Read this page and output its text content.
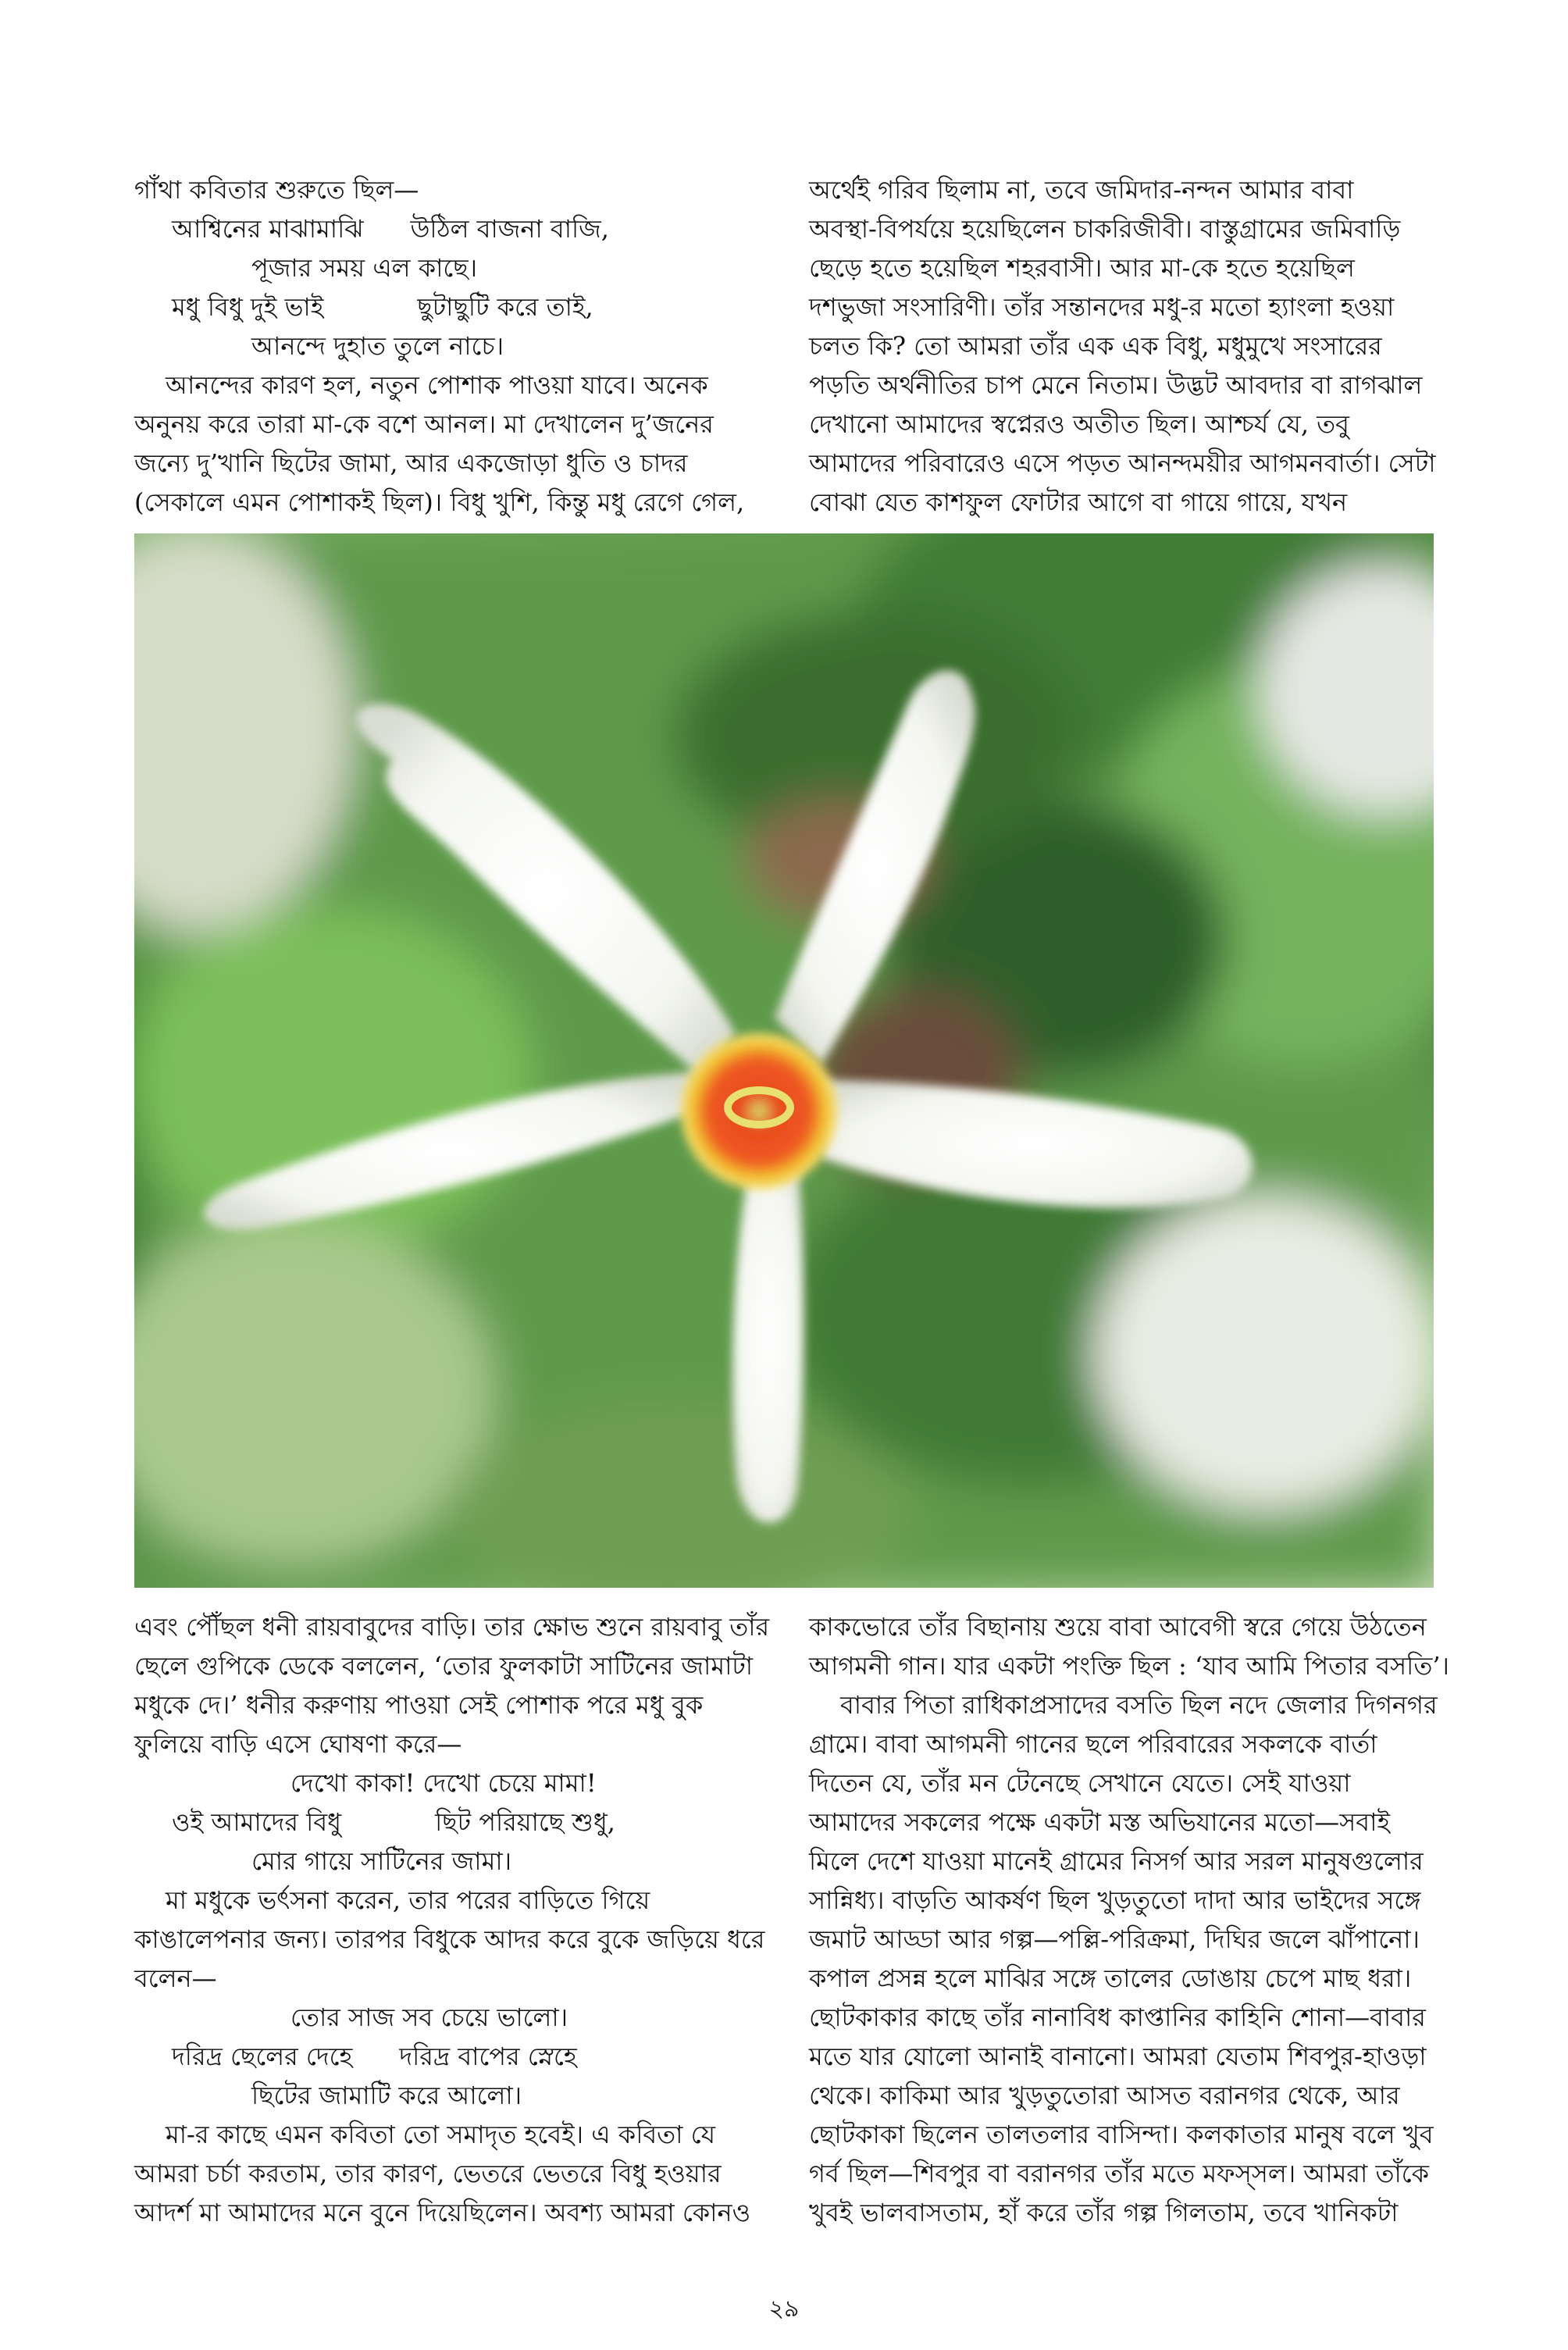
গাঁথা কবিতার শুরুতে ছিল—
আশ্বিনের মাঝামাঝি উঠিল বাজনা বাজি,
পূজার সময় এল কাছে।
মধু বিধু দুই ভাই	ছুটাছুটি করে তাই,
আনন্দে দুহাত তুলে নাচে।
আনন্দের কারণ হল, নতুন পোশাক পাওয়া যাবে। অনেক
অনুনয় করে তারা মা-কে বশে আনল। মা দেখালেন দু’জনের
জন্যে দু’খানি ছিটের জামা, আর একজোড়া ধুতি ও চাদর
(সেকালে এমন পোশাকই ছিল)। বিধু খুশি, কিন্তু মধু রেগে গেল,
অর্থেই গরিব ছিলাম না, তবে জমিদার-নন্দন আমার বাবা
অবস্থা-বিপর্যয়ে হয়েছিলেন চাকরিজীবী। বাস্তুগ্রামের জমিবাড়ি
ছেড়ে হতে হয়েছিল শহরবাসী। আর মা-কে হতে হয়েছিল
দশভুজা সংসারিণী। তাঁর সন্তানদের মধু-র মতো হ্যাংলা হওয়া
চলত কি? তো আমরা তাঁর এক এক বিধু, মধুমুখে সংসারের
পড়তি অর্থনীতির চাপ মেনে নিতাম। উদ্ভট আবদার বা রাগঝাল
দেখানো আমাদের স্বপ্নেরও অতীত ছিল। আশ্চর্য যে, তবু
আমাদের পরিবারেও এসে পড়ত আনন্দময়ীর আগমনবার্তা। সেটা
বোঝা যেত কাশফুল ফোটার আগে বা গায়ে গায়ে, যখন
এবং পৌঁছল ধনী রায়বাবুদের বাড়ি। তার ক্ষোভ শুনে রায়বাবু তাঁর
ছেলে গুপিকে ডেকে বললেন, ‘তোর ফুলকাটা সাটিনের জামাটা
মধুকে দে।’ ধনীর করুণায় পাওয়া সেই পোশাক পরে মধু বুক
ফুলিয়ে বাড়ি এসে ঘোষণা করে—
দেখো কাকা! দেখো চেয়ে মামা!
ওই আমাদের বিধু	ছিট পরিয়াছে শুধু,
মোর গায়ে সাটিনের জামা।
মা মধুকে ভর্ৎসনা করেন, তার পরের বাড়িতে গিয়ে
কাঙালেপনার জন্য। তারপর বিধুকে আদর করে বুকে জড়িয়ে ধরে
বলেন—
তোর সাজ সব চেয়ে ভালো।
দরিদ্র ছেলের দেহে দরিদ্র বাপের স্নেহে
ছিটের জামাটি করে আলো।
মা-র কাছে এমন কবিতা তো সমাদৃত হবেই। এ কবিতা যে
আমরা চর্চা করতাম, তার কারণ, ভেতরে ভেতরে বিধু হওয়ার
আদর্শ মা আমাদের মনে বুনে দিয়েছিলেন। অবশ্য আমরা কোনও
কাকভোরে তাঁর বিছানায় শুয়ে বাবা আবেগী স্বরে গেয়ে উঠতেন
আগমনী গান। যার একটা পংক্তি ছিল : ‘যাব আমি পিতার বসতি’।
বাবার পিতা রাধিকাপ্রসাদের বসতি ছিল নদে জেলার দিগনগর
গ্রামে। বাবা আগমনী গানের ছলে পরিবারের সকলকে বার্তা
দিতেন যে, তাঁর মন টেনেছে সেখানে যেতে। সেই যাওয়া
আমাদের সকলের পক্ষে একটা মস্ত অভিযানের মতো—সবাই
মিলে দেশে যাওয়া মানেই গ্রামের নিসর্গ আর সরল মানুষগুলোর
সান্নিধ্য। বাড়তি আকর্ষণ ছিল খুড়তুতো দাদা আর ভাইদের সঙ্গে
জমাট আড্ডা আর গল্প—পল্লি-পরিক্রমা, দিঘির জলে ঝাঁপানো।
কপাল প্রসন্ন হলে মাঝির সঙ্গে তালের ডোঙায় চেপে মাছ ধরা।
ছোটকাকার কাছে তাঁর নানাবিধ কাপ্তানির কাহিনি শোনা—বাবার
মতে যার যোলো আনাই বানানো। আমরা যেতাম শিবপুর-হাওড়া
থেকে। কাকিমা আর খুড়তুতোরা আসত বরানগর থেকে, আর
ছোটকাকা ছিলেন তালতলার বাসিন্দা। কলকাতার মানুষ বলে খুব
গর্ব ছিল—শিবপুর বা বরানগর তাঁর মতে মফস্সল। আমরা তাঁকে
খুবই ভালবাসতাম, হাঁ করে তাঁর গল্প গিলতাম, তবে খানিকটা
২৯
